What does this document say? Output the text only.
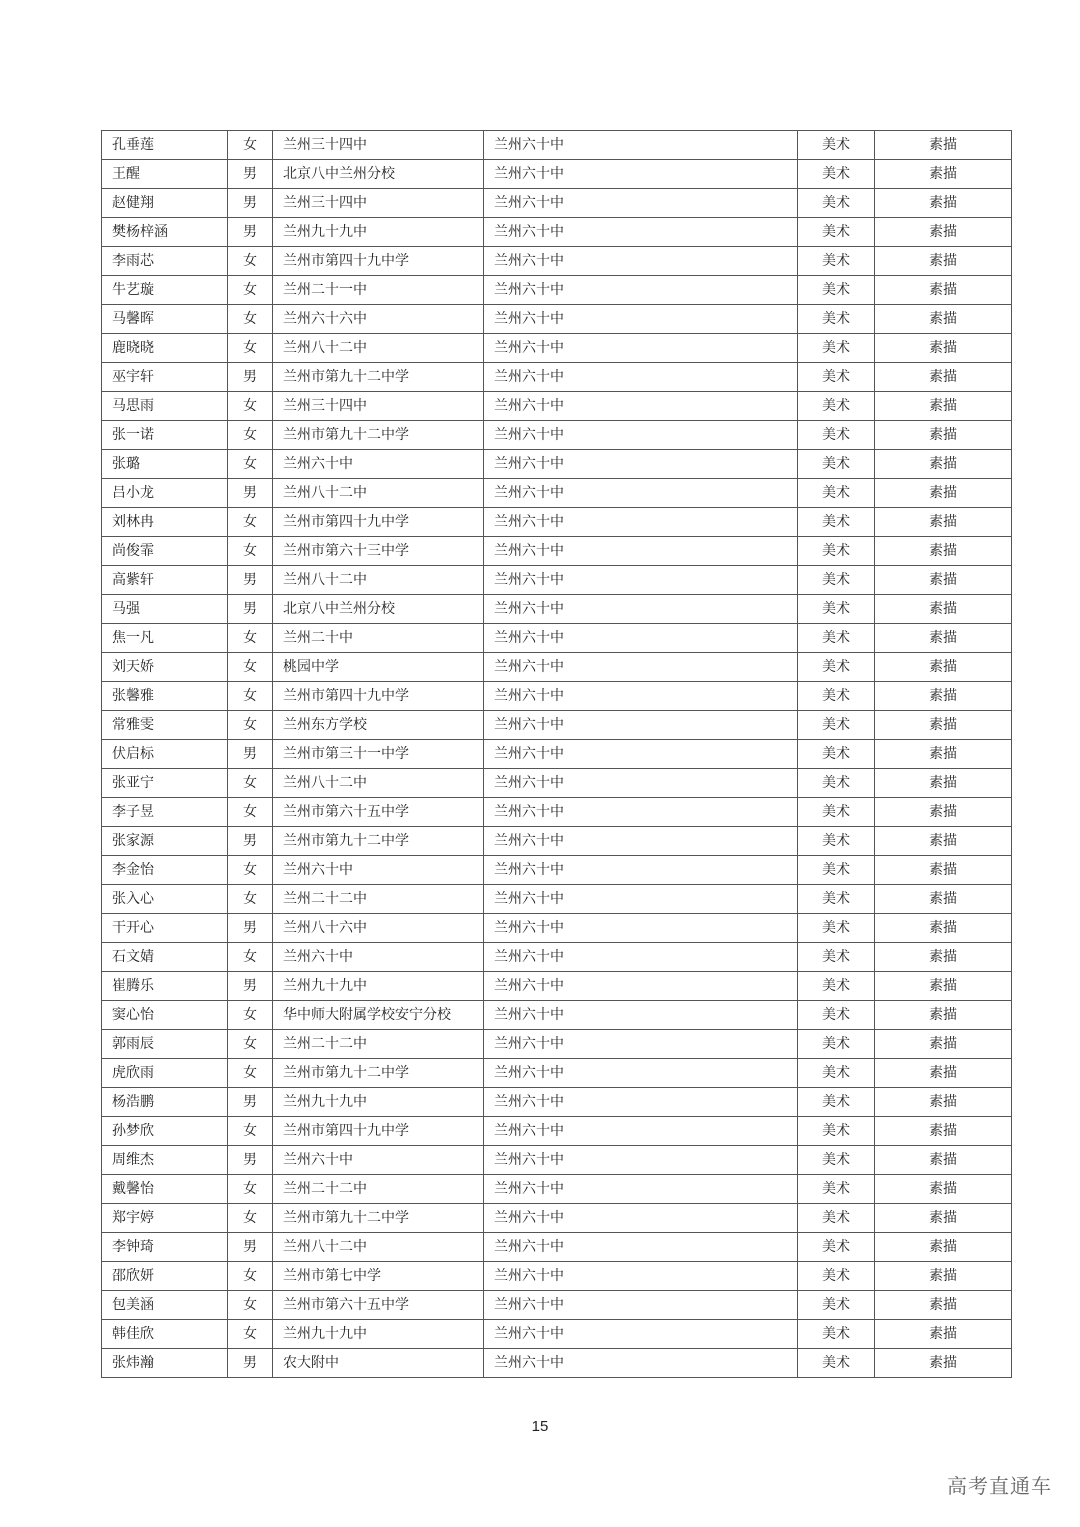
孔垂莲	女	兰州三十四中	兰州六十中	美术	素描
王醒	男	北京八中兰州分校	兰州六十中	美术	素描
赵健翔	男	兰州三十四中	兰州六十中	美术	素描
樊杨梓涵	男	兰州九十九中	兰州六十中	美术	素描
李雨芯	女	兰州市第四十九中学	兰州六十中	美术	素描
牛艺璇	女	兰州二十一中	兰州六十中	美术	素描
马馨晖	女	兰州六十六中	兰州六十中	美术	素描
鹿晓晓	女	兰州八十二中	兰州六十中	美术	素描
巫宇轩	男	兰州市第九十二中学	兰州六十中	美术	素描
马思雨	女	兰州三十四中	兰州六十中	美术	素描
张一诺	女	兰州市第九十二中学	兰州六十中	美术	素描
张璐	女	兰州六十中	兰州六十中	美术	素描
吕小龙	男	兰州八十二中	兰州六十中	美术	素描
刘林冉	女	兰州市第四十九中学	兰州六十中	美术	素描
尚俊霏	女	兰州市第六十三中学	兰州六十中	美术	素描
高紫轩	男	兰州八十二中	兰州六十中	美术	素描
马强	男	北京八中兰州分校	兰州六十中	美术	素描
焦一凡	女	兰州二十中	兰州六十中	美术	素描
刘天娇	女	桃园中学	兰州六十中	美术	素描
张馨雅	女	兰州市第四十九中学	兰州六十中	美术	素描
常雅雯	女	兰州东方学校	兰州六十中	美术	素描
伏启标	男	兰州市第三十一中学	兰州六十中	美术	素描
张亚宁	女	兰州八十二中	兰州六十中	美术	素描
李子昱	女	兰州市第六十五中学	兰州六十中	美术	素描
张家源	男	兰州市第九十二中学	兰州六十中	美术	素描
李金怡	女	兰州六十中	兰州六十中	美术	素描
张入心	女	兰州二十二中	兰州六十中	美术	素描
干开心	男	兰州八十六中	兰州六十中	美术	素描
石文婧	女	兰州六十中	兰州六十中	美术	素描
崔腾乐	男	兰州九十九中	兰州六十中	美术	素描
窦心怡	女	华中师大附属学校安宁分校	兰州六十中	美术	素描
郭雨辰	女	兰州二十二中	兰州六十中	美术	素描
虎欣雨	女	兰州市第九十二中学	兰州六十中	美术	素描
杨浩鹏	男	兰州九十九中	兰州六十中	美术	素描
孙梦欣	女	兰州市第四十九中学	兰州六十中	美术	素描
周维杰	男	兰州六十中	兰州六十中	美术	素描
戴馨怡	女	兰州二十二中	兰州六十中	美术	素描
郑宇婷	女	兰州市第九十二中学	兰州六十中	美术	素描
李钟琦	男	兰州八十二中	兰州六十中	美术	素描
邵欣妍	女	兰州市第七中学	兰州六十中	美术	素描
包美涵	女	兰州市第六十五中学	兰州六十中	美术	素描
韩佳欣	女	兰州九十九中	兰州六十中	美术	素描
张炜瀚	男	农大附中	兰州六十中	美术	素描
15
高考直通车
